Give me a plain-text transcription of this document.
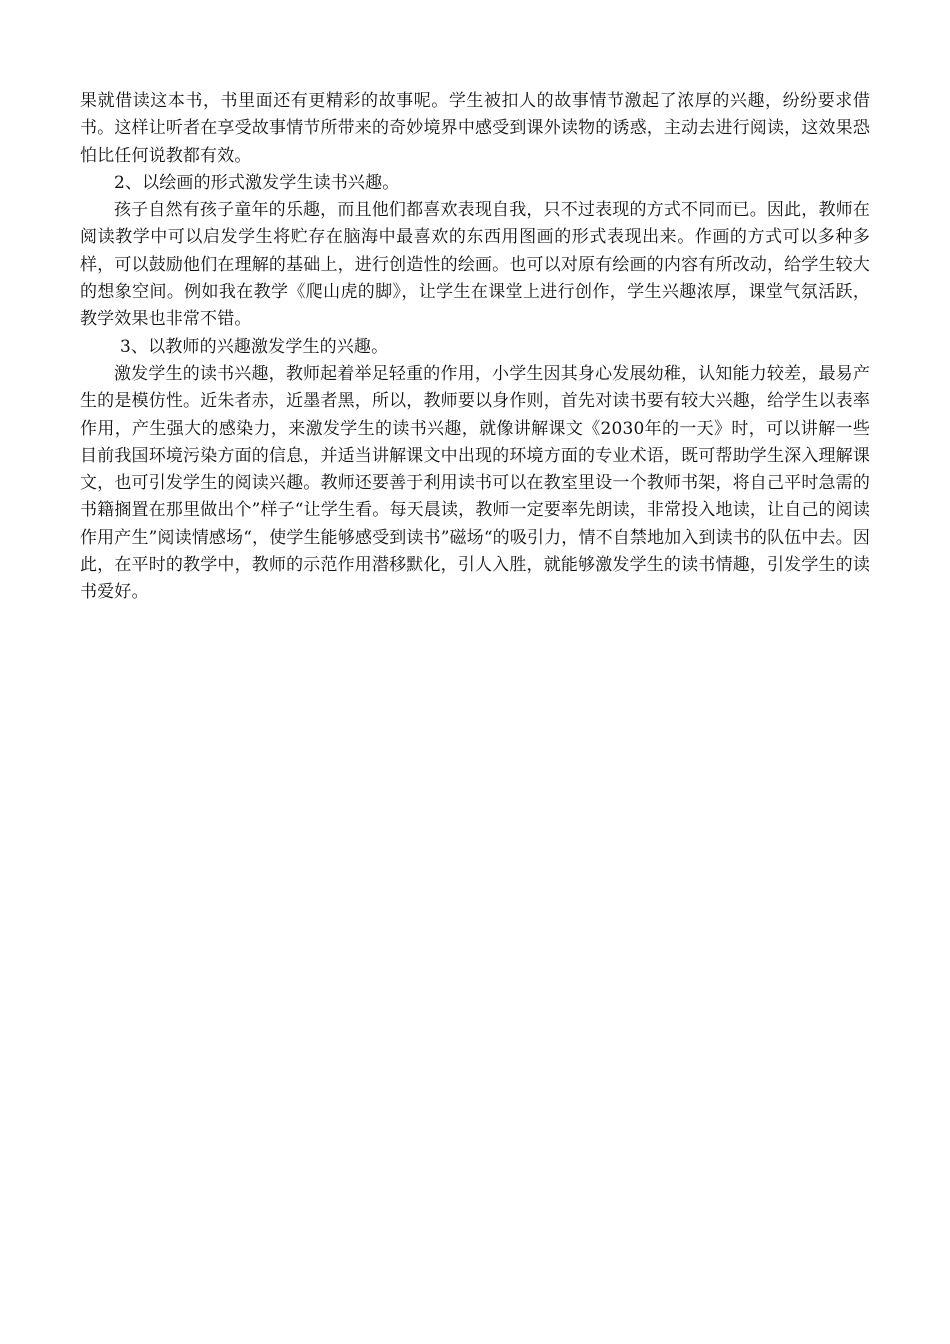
果就借读这本书，书里面还有更精彩的故事呢。学生被扣人的故事情节激起了浓厚的兴趣，纷纷要求借书。这样让听者在享受故事情节所带来的奇妙境界中感受到课外读物的诱惑，主动去进行阅读，这效果恐怕比任何说教都有效。

2、以绘画的形式激发学生读书兴趣。

孩子自然有孩子童年的乐趣，而且他们都喜欢表现自我，只不过表现的方式不同而已。因此，教师在阅读教学中可以启发学生将贮存在脑海中最喜欢的东西用图画的形式表现出来。作画的方式可以多种多样，可以鼓励他们在理解的基础上，进行创造性的绘画。也可以对原有绘画的内容有所改动，给学生较大的想象空间。例如我在教学《爬山虎的脚》，让学生在课堂上进行创作，学生兴趣浓厚，课堂气氛活跃，教学效果也非常不错。

3、以教师的兴趣激发学生的兴趣。

激发学生的读书兴趣，教师起着举足轻重的作用，小学生因其身心发展幼稚，认知能力较差，最易产生的是模仿性。近朱者赤，近墨者黑，所以，教师要以身作则，首先对读书要有较大兴趣，给学生以表率作用，产生强大的感染力，来激发学生的读书兴趣，就像讲解课文《2030年的一天》时，可以讲解一些目前我国环境污染方面的信息，并适当讲解课文中出现的环境方面的专业术语，既可帮助学生深入理解课文，也可引发学生的阅读兴趣。教师还要善于利用读书可以在教室里设一个教师书架，将自己平时急需的书籍搁置在那里做出个”样子“让学生看。每天晨读，教师一定要率先朗读，非常投入地读，让自己的阅读作用产生”阅读情感场“，使学生能够感受到读书”磁场“的吸引力，情不自禁地加入到读书的队伍中去。因此，在平时的教学中，教师的示范作用潜移默化，引人入胜，就能够激发学生的读书情趣，引发学生的读书爱好。
